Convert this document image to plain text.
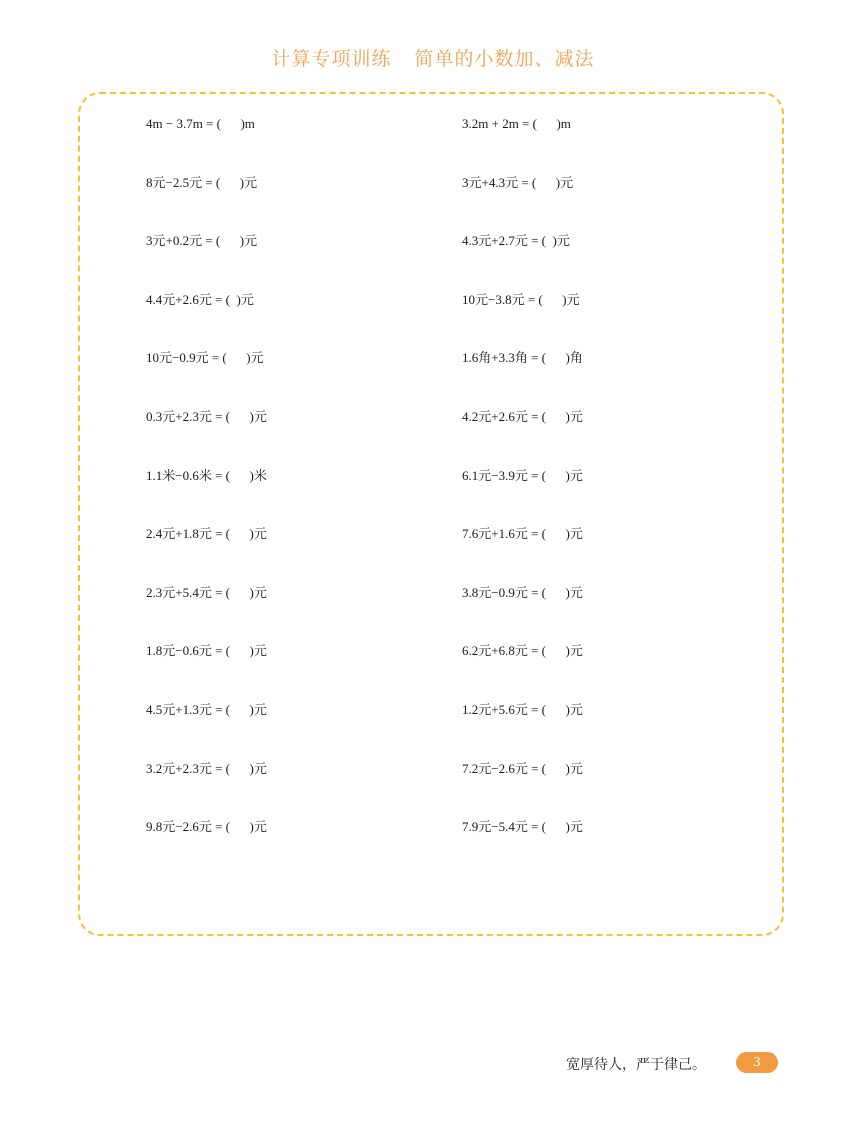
计算专项训练    简单的小数加、减法
4m − 3.7m = (      )m
8元−2.5元 = (      )元
3元+0.2元 = (      )元
4.4元+2.6元 = (  )元
10元−0.9元 = (      )元
0.3元+2.3元 = (      )元
1.1米−0.6米 = (      )米
2.4元+1.8元 = (      )元
2.3元+5.4元 = (      )元
1.8元−0.6元 = (      )元
4.5元+1.3元 = (      )元
3.2元+2.3元 = (      )元
9.8元−2.6元 = (      )元
3.2m + 2m = (      )m
3元+4.3元 = (      )元
4.3元+2.7元 = (  )元
10元−3.8元 = (      )元
1.6角+3.3角 = (      )角
4.2元+2.6元 = (      )元
6.1元−3.9元 = (      )元
7.6元+1.6元 = (      )元
3.8元−0.9元 = (      )元
6.2元+6.8元 = (      )元
1.2元+5.6元 = (      )元
7.2元−2.6元 = (      )元
7.9元−5.4元 = (      )元
宽厚待人，严于律己。	3
